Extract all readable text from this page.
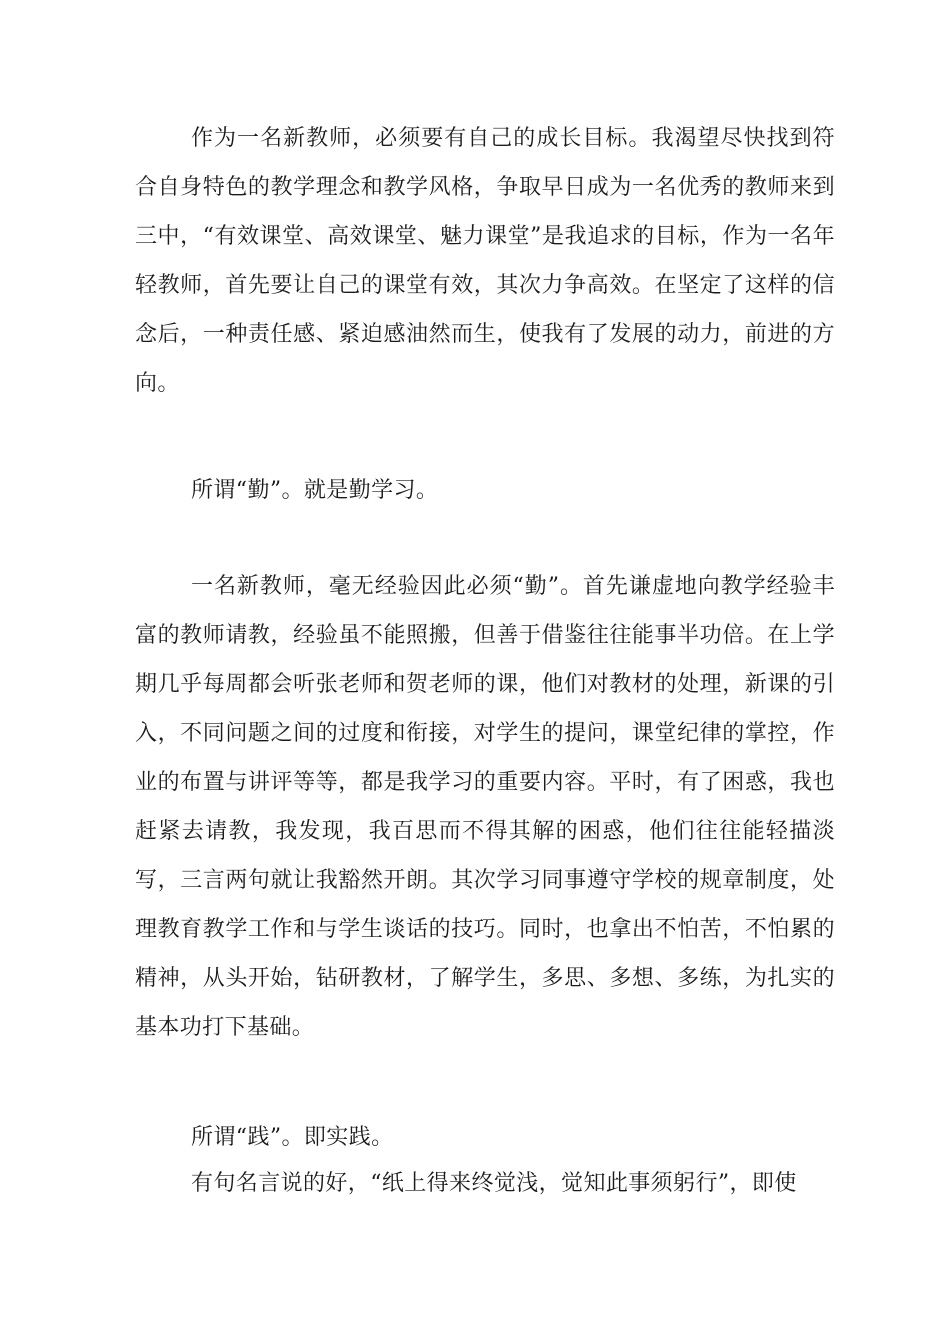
作为一名新教师，必须要有自己的成长目标。我渴望尽快找到符合自身特色的教学理念和教学风格，争取早日成为一名优秀的教师来到三中，“有效课堂、高效课堂、魅力课堂”是我追求的目标，作为一名年轻教师，首先要让自己的课堂有效，其次力争高效。在坚定了这样的信念后，一种责任感、紧迫感油然而生，使我有了发展的动力，前进的方向。

所谓“勤”。就是勤学习。

一名新教师，毫无经验因此必须“勤”。首先谦虚地向教学经验丰富的教师请教，经验虽不能照搬，但善于借鉴往往能事半功倍。在上学期几乎每周都会听张老师和贺老师的课，他们对教材的处理，新课的引入，不同问题之间的过度和衔接，对学生的提问，课堂纪律的掌控，作业的布置与讲评等等，都是我学习的重要内容。平时，有了困惑，我也赶紧去请教，我发现，我百思而不得其解的困惑，他们往往能轻描淡写，三言两句就让我豁然开朗。其次学习同事遵守学校的规章制度，处理教育教学工作和与学生谈话的技巧。同时，也拿出不怕苦，不怕累的精神，从头开始，钻研教材，了解学生，多思、多想、多练，为扎实的基本功打下基础。

所谓“践”。即实践。

有句名言说的好，“纸上得来终觉浅，觉知此事须躬行”，即使
